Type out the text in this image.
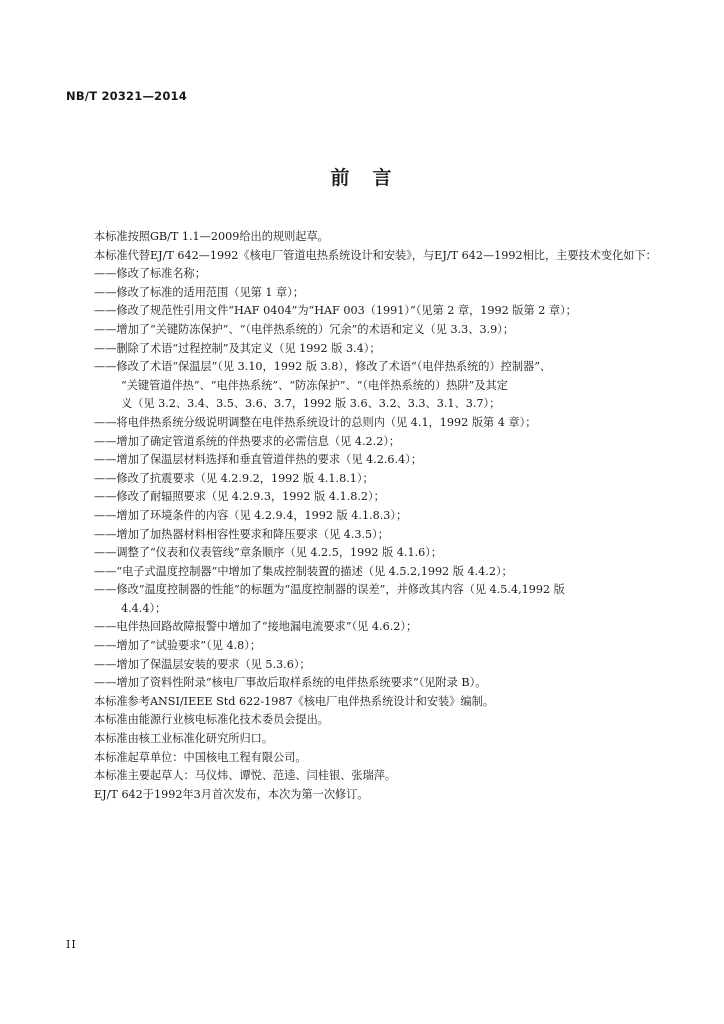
NB/T 20321—2014
前　言
本标准按照GB/T 1.1—2009给出的规则起草。
本标准代替EJ/T 642—1992《核电厂管道电热系统设计和安装》，与EJ/T 642—1992相比，主要技术变化如下：
——修改了标准名称；
——修改了标准的适用范围（见第 1 章）；
——修改了规范性引用文件“HAF 0404”为“HAF 003（1991）”（见第 2 章，1992 版第 2 章）；
——增加了“关键防冻保护”、“（电伴热系统的）冗余”的术语和定义（见 3.3、3.9）；
——删除了术语“过程控制”及其定义（见 1992 版 3.4）；
——修改了术语“保温层”（见 3.10，1992 版 3.8），修改了术语“（电伴热系统的）控制器”、
“关键管道伴热”、“电伴热系统”、“防冻保护”、“（电伴热系统的）热阱”及其定
义（见 3.2、3.4、3.5、3.6、3.7，1992 版 3.6、3.2、3.3、3.1、3.7）；
——将电伴热系统分级说明调整在电伴热系统设计的总则内（见 4.1，1992 版第 4 章）；
——增加了确定管道系统的伴热要求的必需信息（见 4.2.2）；
——增加了保温层材料选择和垂直管道伴热的要求（见 4.2.6.4）；
——修改了抗震要求（见 4.2.9.2，1992 版 4.1.8.1）；
——修改了耐辐照要求（见 4.2.9.3，1992 版 4.1.8.2）；
——增加了环境条件的内容（见 4.2.9.4，1992 版 4.1.8.3）；
——增加了加热器材料相容性要求和降压要求（见 4.3.5）；
——调整了“仪表和仪表管线”章条顺序（见 4.2.5，1992 版 4.1.6）；
——“电子式温度控制器”中增加了集成控制装置的描述（见 4.5.2,1992 版 4.4.2）；
——修改“温度控制器的性能”的标题为“温度控制器的误差”，并修改其内容（见 4.5.4,1992 版
4.4.4）；
——电伴热回路故障报警中增加了“接地漏电流要求”（见 4.6.2）；
——增加了“试验要求”（见 4.8）；
——增加了保温层安装的要求（见 5.3.6）；
——增加了资料性附录“核电厂事故后取样系统的电伴热系统要求”（见附录 B）。
本标准参考ANSI/IEEE Std 622-1987《核电厂电伴热系统设计和安装》编制。
本标准由能源行业核电标准化技术委员会提出。
本标准由核工业标准化研究所归口。
本标准起草单位：中国核电工程有限公司。
本标准主要起草人：马仪炜、谭悦、范逵、闫桂银、张瑞萍。
EJ/T 642于1992年3月首次发布，本次为第一次修订。
II
